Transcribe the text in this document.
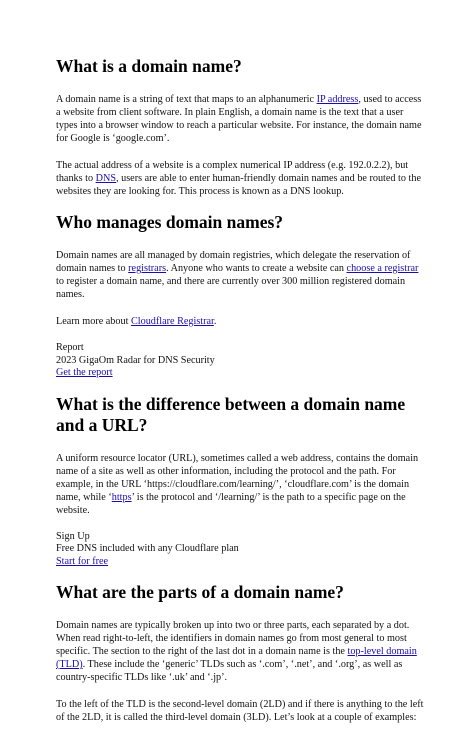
What is a domain name?

A domain name is a string of text that maps to an alphanumeric IP address, used to access a website from client software. In plain English, a domain name is the text that a user types into a browser window to reach a particular website. For instance, the domain name for Google is ‘google.com’.

The actual address of a website is a complex numerical IP address (e.g. 192.0.2.2), but thanks to DNS, users are able to enter human-friendly domain names and be routed to the websites they are looking for. This process is known as a DNS lookup.

Who manages domain names?

Domain names are all managed by domain registries, which delegate the reservation of domain names to registrars. Anyone who wants to create a website can choose a registrar to register a domain name, and there are currently over 300 million registered domain names.

Learn more about Cloudflare Registrar.

Report
2023 GigaOm Radar for DNS Security
Get the report
What is the difference between a domain name and a URL?

A uniform resource locator (URL), sometimes called a web address, contains the domain name of a site as well as other information, including the protocol and the path. For example, in the URL ‘https://cloudflare.com/learning/’, ‘cloudflare.com’ is the domain name, while ‘https’ is the protocol and ‘/learning/’ is the path to a specific page on the website.

Sign Up
Free DNS included with any Cloudflare plan
Start for free
What are the parts of a domain name?

Domain names are typically broken up into two or three parts, each separated by a dot. When read right-to-left, the identifiers in domain names go from most general to most specific. The section to the right of the last dot in a domain name is the top-level domain (TLD). These include the ‘generic’ TLDs such as ‘.com’, ‘.net’, and ‘.org’, as well as country-specific TLDs like ‘.uk’ and ‘.jp’.

To the left of the TLD is the second-level domain (2LD) and if there is anything to the left of the 2LD, it is called the third-level domain (3LD). Let’s look at a couple of examples:
